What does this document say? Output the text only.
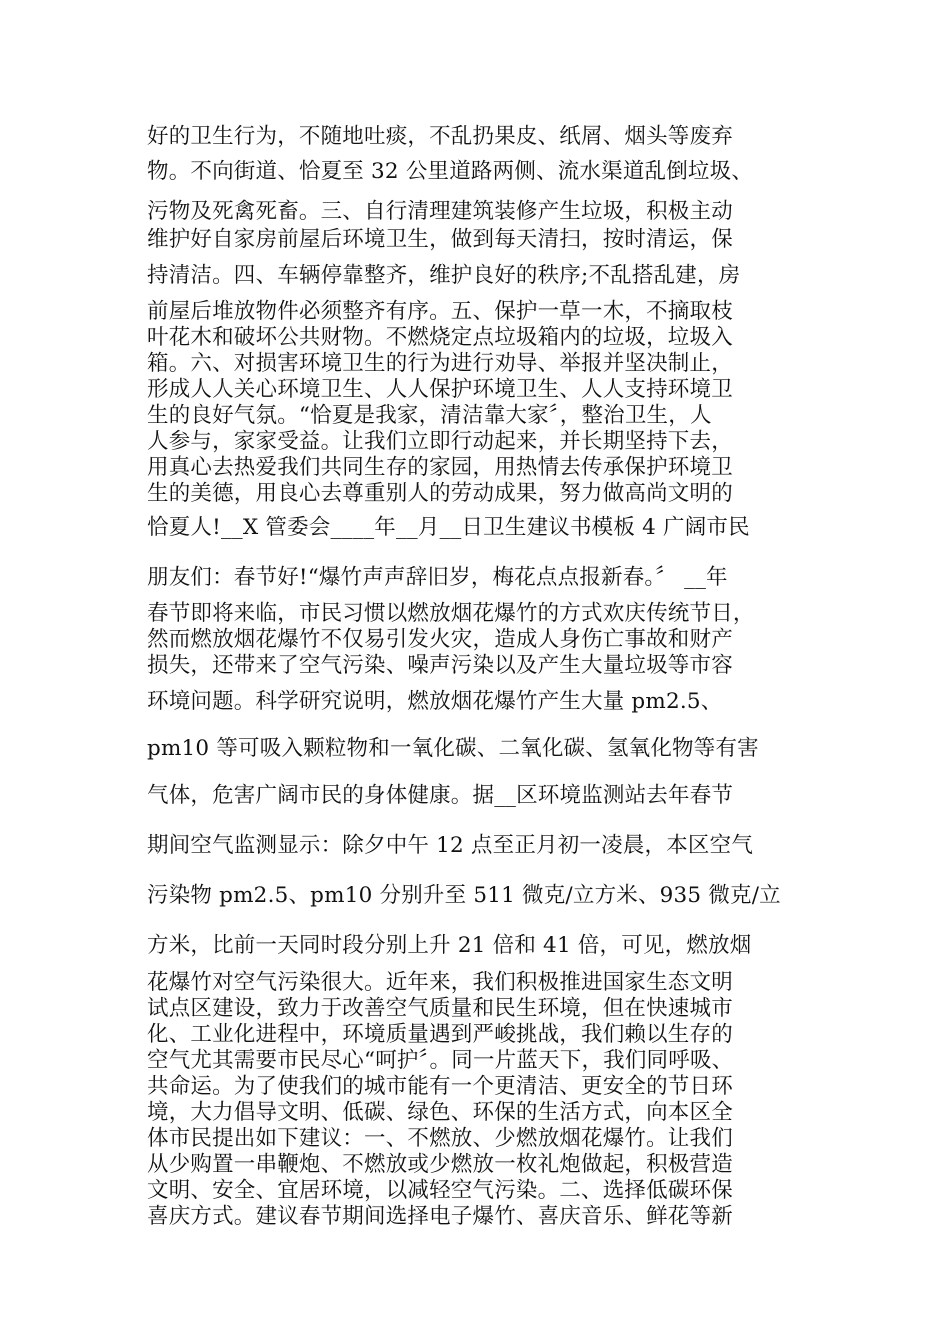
好的卫生行为，不随地吐痰，不乱扔果皮、纸屑、烟头等废弃
物。不向街道、恰夏至 32 公里道路两侧、流水渠道乱倒垃圾、
污物及死禽死畜。三、自行清理建筑装修产生垃圾，积极主动
维护好自家房前屋后环境卫生，做到每天清扫，按时清运，保
持清洁。四、车辆停靠整齐，维护良好的秩序;不乱搭乱建，房
前屋后堆放物件必须整齐有序。五、保护一草一木，不摘取枝
叶花木和破坏公共财物。不燃烧定点垃圾箱内的垃圾，垃圾入
箱。六、对损害环境卫生的行为进行劝导、举报并坚决制止，
形成人人关心环境卫生、人人保护环境卫生、人人支持环境卫
生的良好气氛。“恰夏是我家，清洁靠大家〞，整治卫生，人
人参与，家家受益。让我们立即行动起来，并长期坚持下去，
用真心去热爱我们共同生存的家园，用热情去传承保护环境卫
生的美德，用良心去尊重别人的劳动成果，努力做高尚文明的
恰夏人!__X 管委会____年__月__日卫生建议书模板 4 广阔市民
朋友们：春节好!“爆竹声声辞旧岁，梅花点点报新春。〞 __年
春节即将来临，市民习惯以燃放烟花爆竹的方式欢庆传统节日，
然而燃放烟花爆竹不仅易引发火灾，造成人身伤亡事故和财产
损失，还带来了空气污染、噪声污染以及产生大量垃圾等市容
环境问题。科学研究说明，燃放烟花爆竹产生大量 pm2.5、
pm10 等可吸入颗粒物和一氧化碳、二氧化碳、氢氧化物等有害
气体，危害广阔市民的身体健康。据__区环境监测站去年春节
期间空气监测显示：除夕中午 12 点至正月初一凌晨，本区空气
污染物 pm2.5、pm10 分别升至 511 微克/立方米、935 微克/立
方米，比前一天同时段分别上升 21 倍和 41 倍，可见，燃放烟
花爆竹对空气污染很大。近年来，我们积极推进国家生态文明
试点区建设，致力于改善空气质量和民生环境，但在快速城市
化、工业化进程中，环境质量遇到严峻挑战，我们赖以生存的
空气尤其需要市民尽心“呵护〞。同一片蓝天下，我们同呼吸、
共命运。为了使我们的城市能有一个更清洁、更安全的节日环
境，大力倡导文明、低碳、绿色、环保的生活方式，向本区全
体市民提出如下建议：一、不燃放、少燃放烟花爆竹。让我们
从少购置一串鞭炮、不燃放或少燃放一枚礼炮做起，积极营造
文明、安全、宜居环境，以减轻空气污染。二、选择低碳环保
喜庆方式。建议春节期间选择电子爆竹、喜庆音乐、鲜花等新
